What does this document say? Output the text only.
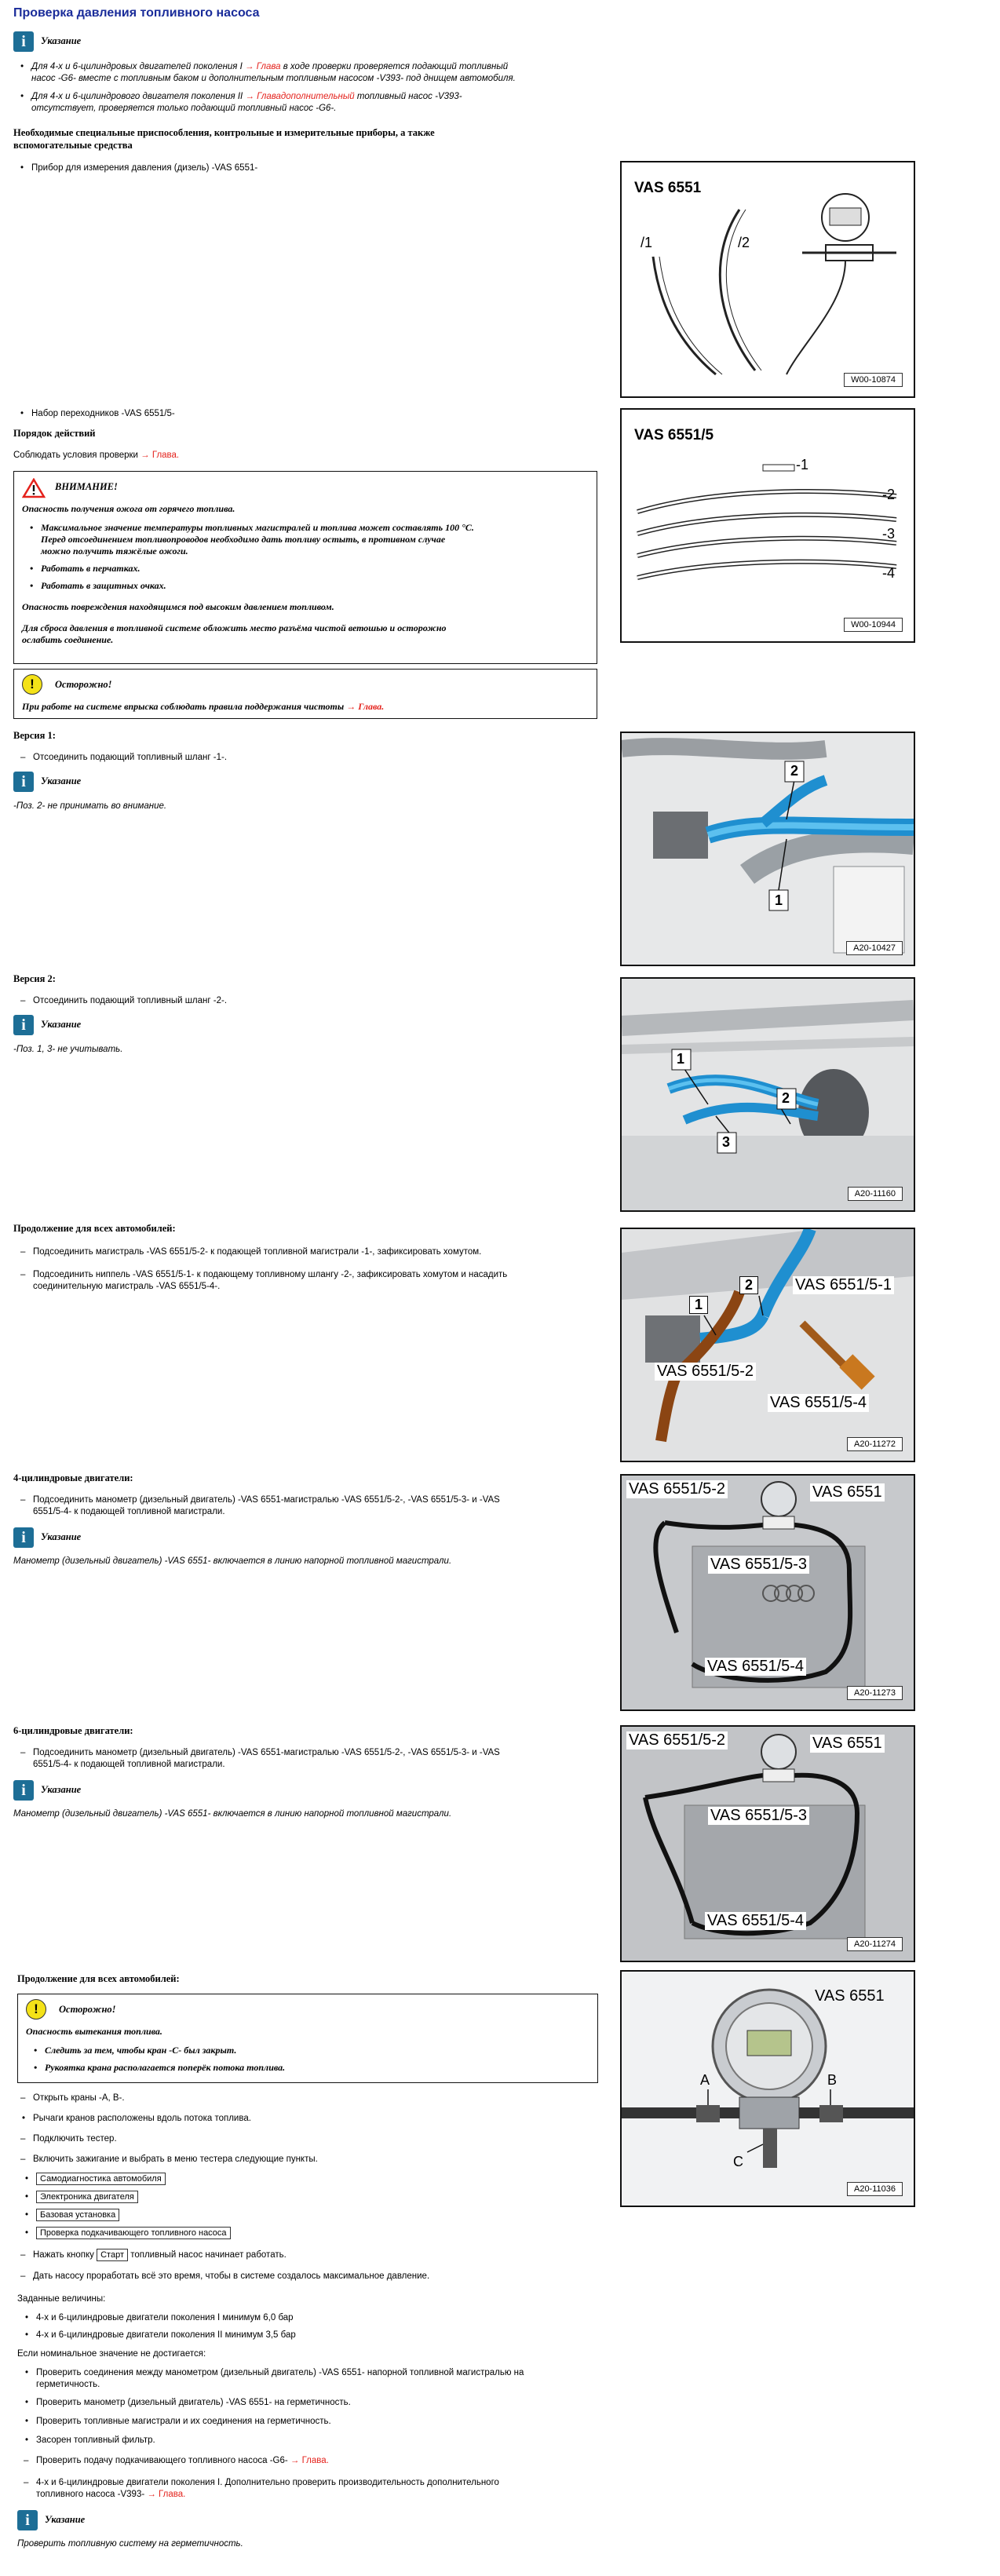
Проверка давления топливного насоса
i	Указание
• Для 4-х и 6-цилиндровых двигателей поколения I → Глава в ходе проверки проверяется подающий топливный
насос -G6- вместе с топливным баком и дополнительным топливным насосом -V393- под днищем автомобиля.
• Для 4-х и 6-цилиндрового двигателя поколения II → Главадополнительный топливный насос -V393-
отсутствует, проверяется только подающий топливный насос -G6-.
Необходимые специальные приспособления, контрольные и измерительные приборы, а также
вспомогательные средства
• Прибор для измерения давления (дизель) -VAS 6551-
• Набор переходников -VAS 6551/5-
VAS 6551
/1	/2
W00-10874
Порядок действий
Соблюдать условия проверки → Глава.
VAS 6551/5
-1
-2
-3
-4
W00-10944
ВНИМАНИЕ!
Опасность получения ожога от горячего топлива.
• Максимальное значение температуры топливных магистралей и топлива может составлять 100 °C.
Перед отсоединением топливопроводов необходимо дать топливу остыть, в противном случае
можно получить тяжёлые ожоги.
• Работать в перчатках.
• Работать в защитных очках.
Опасность повреждения находящимся под высоким давлением топливом.
Для сброса давления в топливной системе обложить место разъёма чистой ветошью и осторожно
ослабить соединение.
!	Осторожно!
При работе на системе впрыска соблюдать правила поддержания чистоты → Глава.
Версия 1:
– Отсоединить подающий топливный шланг -1-.
i	Указание
-Поз. 2- не принимать во внимание.
1
2
A20-10427
Версия 2:
– Отсоединить подающий топливный шланг -2-.
i	Указание
-Поз. 1, 3- не учитывать.
1
2
3
A20-11160
Продолжение для всех автомобилей:
– Подсоединить магистраль -VAS 6551/5-2- к подающей топливной магистрали -1-, зафиксировать хомутом.
– Подсоединить ниппель -VAS 6551/5-1- к подающему топливному шлангу -2-, зафиксировать хомутом и насадить
соединительную магистраль -VAS 6551/5-4-.
1
2	VAS 6551/5-1
VAS 6551/5-2
VAS 6551/5-4
A20-11272
4-цилиндровые двигатели:
– Подсоединить манометр (дизельный двигатель) -VAS 6551-магистралью -VAS 6551/5-2-, -VAS 6551/5-3- и -VAS
6551/5-4- к подающей топливной магистрали.
i	Указание
Манометр (дизельный двигатель) -VAS 6551- включается в линию напорной топливной магистрали.
VAS 6551/5-2	VAS 6551
VAS 6551/5-3
VAS 6551/5-4
A20-11273
6-цилиндровые двигатели:
– Подсоединить манометр (дизельный двигатель) -VAS 6551-магистралью -VAS 6551/5-2-, -VAS 6551/5-3- и -VAS
6551/5-4- к подающей топливной магистрали.
i	Указание
Манометр (дизельный двигатель) -VAS 6551- включается в линию напорной топливной магистрали.
VAS 6551/5-2	VAS 6551
VAS 6551/5-3
VAS 6551/5-4
A20-11274
Продолжение для всех автомобилей:
!	Осторожно!
Опасность вытекания топлива.
• Следить за тем, чтобы кран -C- был закрыт.
• Рукоятка крана располагается поперёк потока топлива.
– Открыть краны -A, B-.
• Рычаги кранов расположены вдоль потока топлива.
– Подключить тестер.
– Включить зажигание и выбрать в меню тестера следующие пункты.
• Самодиагностика автомобиля
• Электроника двигателя
• Базовая установка
• Проверка подкачивающего топливного насоса
– Нажать кнопку Старт топливный насос начинает работать.
– Дать насосу проработать всё это время, чтобы в системе создалось максимальное давление.
Заданные величины:
• 4-х и 6-цилиндровые двигатели поколения I минимум 6,0 бар
• 4-х и 6-цилиндровые двигатели поколения II минимум 3,5 бар
Если номинальное значение не достигается:
• Проверить соединения между манометром (дизельный двигатель) -VAS 6551- напорной топливной магистралью на
герметичность.
• Проверить манометр (дизельный двигатель) -VAS 6551- на герметичность.
• Проверить топливные магистрали и их соединения на герметичность.
• Засорен топливный фильтр.
– Проверить подачу подкачивающего топливного насоса -G6- → Глава.
– 4-х и 6-цилиндровые двигатели поколения I. Дополнительно проверить производительность дополнительного
топливного насоса -V393- → Глава.
i	Указание
Проверить топливную систему на герметичность.
VAS 6551
A	B
C
A20-11036
